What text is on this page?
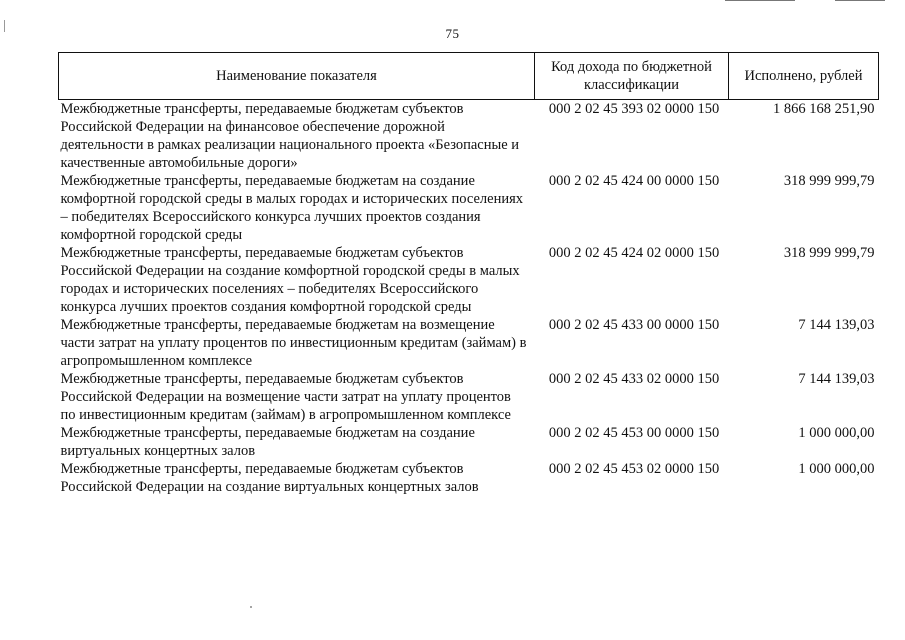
75
Наименование показателя	Код дохода по бюджетной классификации	Исполнено, рублей
Межбюджетные трансферты, передаваемые бюджетам субъектов Российской Федерации на финансовое обеспечение дорожной деятельности в рамках реализации национального проекта «Безопасные и качественные автомобильные дороги»	000 2 02 45 393 02 0000 150	1 866 168 251,90
Межбюджетные трансферты, передаваемые бюджетам на создание комфортной городской среды в малых городах и исторических поселениях – победителях Всероссийского конкурса лучших проектов создания комфортной городской среды	000 2 02 45 424 00 0000 150	318 999 999,79
Межбюджетные трансферты, передаваемые бюджетам субъектов Российской Федерации на создание комфортной городской среды в малых городах и исторических поселениях – победителях Всероссийского конкурса лучших проектов создания комфортной городской среды	000 2 02 45 424 02 0000 150	318 999 999,79
Межбюджетные трансферты, передаваемые бюджетам на возмещение части затрат на уплату процентов по инвестиционным кредитам (займам) в агропромышленном комплексе	000 2 02 45 433 00 0000 150	7 144 139,03
Межбюджетные трансферты, передаваемые бюджетам субъектов Российской Федерации на возмещение части затрат на уплату процентов по инвестиционным кредитам (займам) в агропромышленном комплексе	000 2 02 45 433 02 0000 150	7 144 139,03
Межбюджетные трансферты, передаваемые бюджетам на создание виртуальных концертных залов	000 2 02 45 453 00 0000 150	1 000 000,00
Межбюджетные трансферты, передаваемые бюджетам субъектов Российской Федерации на создание виртуальных концертных залов	000 2 02 45 453 02 0000 150	1 000 000,00
